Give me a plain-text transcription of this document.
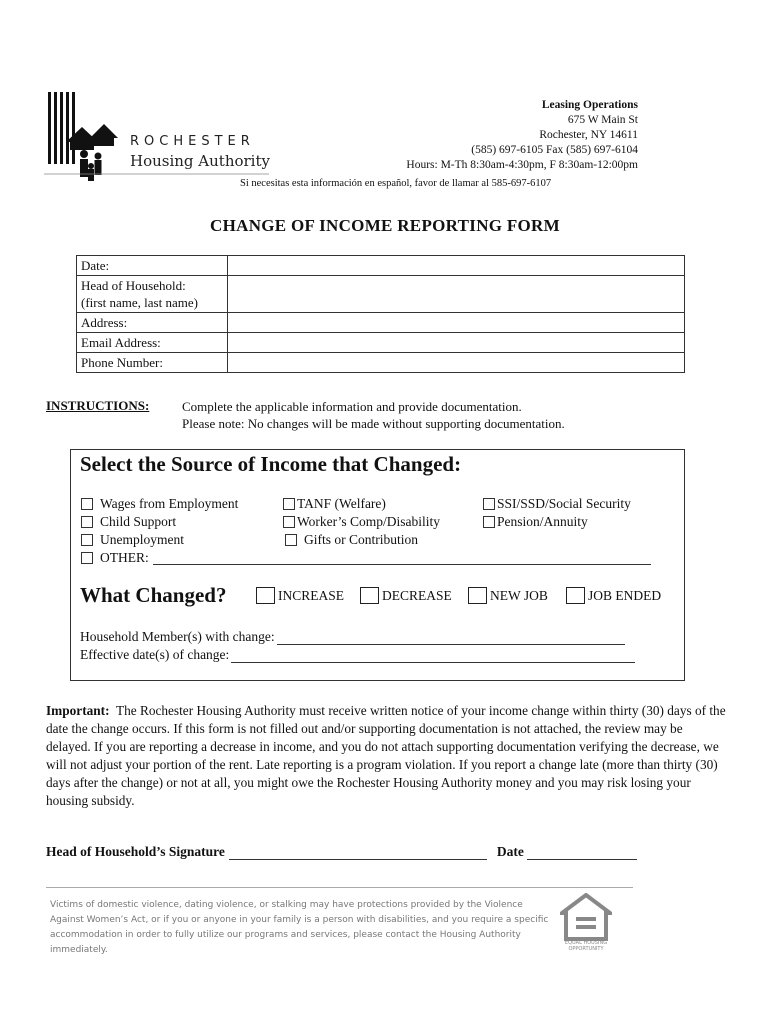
ROCHESTER
Housing Authority
Leasing Operations
675 W Main St
Rochester, NY 14611
(585) 697-6105 Fax (585) 697-6104
Hours: M-Th 8:30am-4:30pm, F 8:30am-12:00pm
Si necesitas esta información en español, favor de llamar al 585-697-6107
CHANGE OF INCOME REPORTING FORM
Date:	
Head of Household:
(first name, last name)	
Address:	
Email Address:	
Phone Number:	
INSTRUCTIONS:	Complete the applicable information and provide documentation.
Please note: No changes will be made without supporting documentation.
Select the Source of Income that Changed:
Wages from Employment
Child Support
Unemployment
OTHER:
TANF (Welfare)
Worker’s Comp/Disability
Gifts or Contribution
SSI/SSD/Social Security
Pension/Annuity
What Changed?	INCREASE	DECREASE	NEW JOB	JOB ENDED
Household Member(s) with change:
Effective date(s) of change:
Important: The Rochester Housing Authority must receive written notice of your income change within thirty (30) days of the date the change occurs. If this form is not filled out and/or supporting documentation is not attached, the review may be delayed. If you are reporting a decrease in income, and you do not attach supporting documentation verifying the decrease, we will not adjust your portion of the rent. Late reporting is a program violation. If you report a change late (more than thirty (30) days after the change) or not at all, you might owe the Rochester Housing Authority money and you may risk losing your housing subsidy.
Head of Household’s Signature	Date
Victims of domestic violence, dating violence, or stalking may have protections provided by the Violence Against Women’s Act, or if you or anyone in your family is a person with disabilities, and you require a specific accommodation in order to fully utilize our programs and services, please contact the Housing Authority immediately.
EQUAL HOUSING
OPPORTUNITY
